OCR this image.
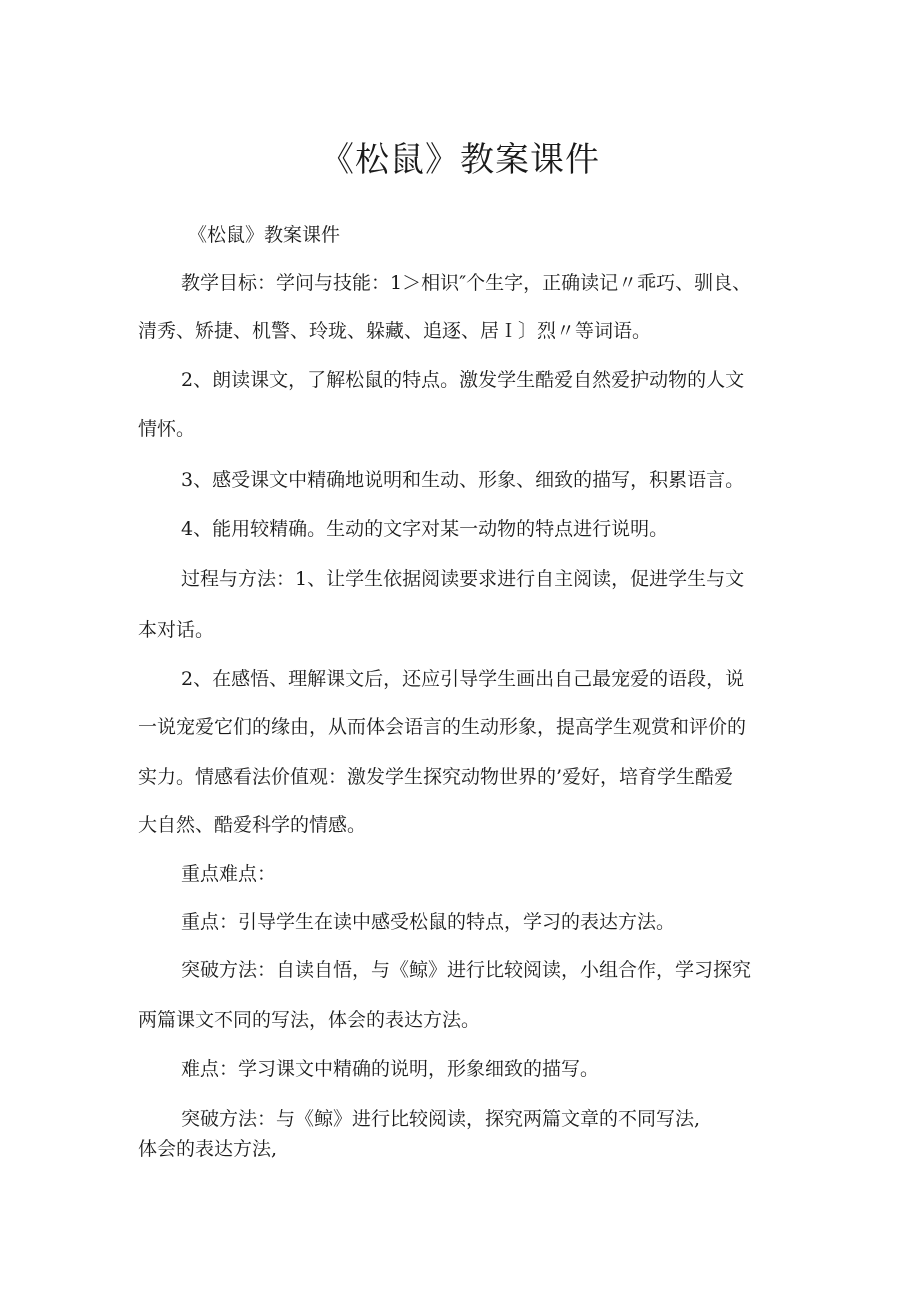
《松鼠》教案课件
《松鼠》教案课件
教学目标：学问与技能：1＞相识″个生字，正确读记〃乖巧、驯良、
清秀、矫捷、机警、玲珑、躲藏、追逐、居Ｉ〕烈〃等词语。
2、朗读课文，了解松鼠的特点。激发学生酷爱自然爱护动物的人文
情怀。
3、感受课文中精确地说明和生动、形象、细致的描写，积累语言。
4、能用较精确。生动的文字对某一动物的特点进行说明。
过程与方法：1、让学生依据阅读要求进行自主阅读，促进学生与文
本对话。
2、在感悟、理解课文后，还应引导学生画出自己最宠爱的语段，说
一说宠爱它们的缘由，从而体会语言的生动形象，提高学生观赏和评价的
实力。情感看法价值观：激发学生探究动物世界的’爱好，培育学生酷爱
大自然、酷爱科学的情感。
重点难点：
重点：引导学生在读中感受松鼠的特点，学习的表达方法。
突破方法：自读自悟，与《鲸》进行比较阅读，小组合作，学习探究
两篇课文不同的写法，体会的表达方法。
难点：学习课文中精确的说明，形象细致的描写。
突破方法：与《鲸》进行比较阅读，探究两篇文章的不同写法,
体会的表达方法,
